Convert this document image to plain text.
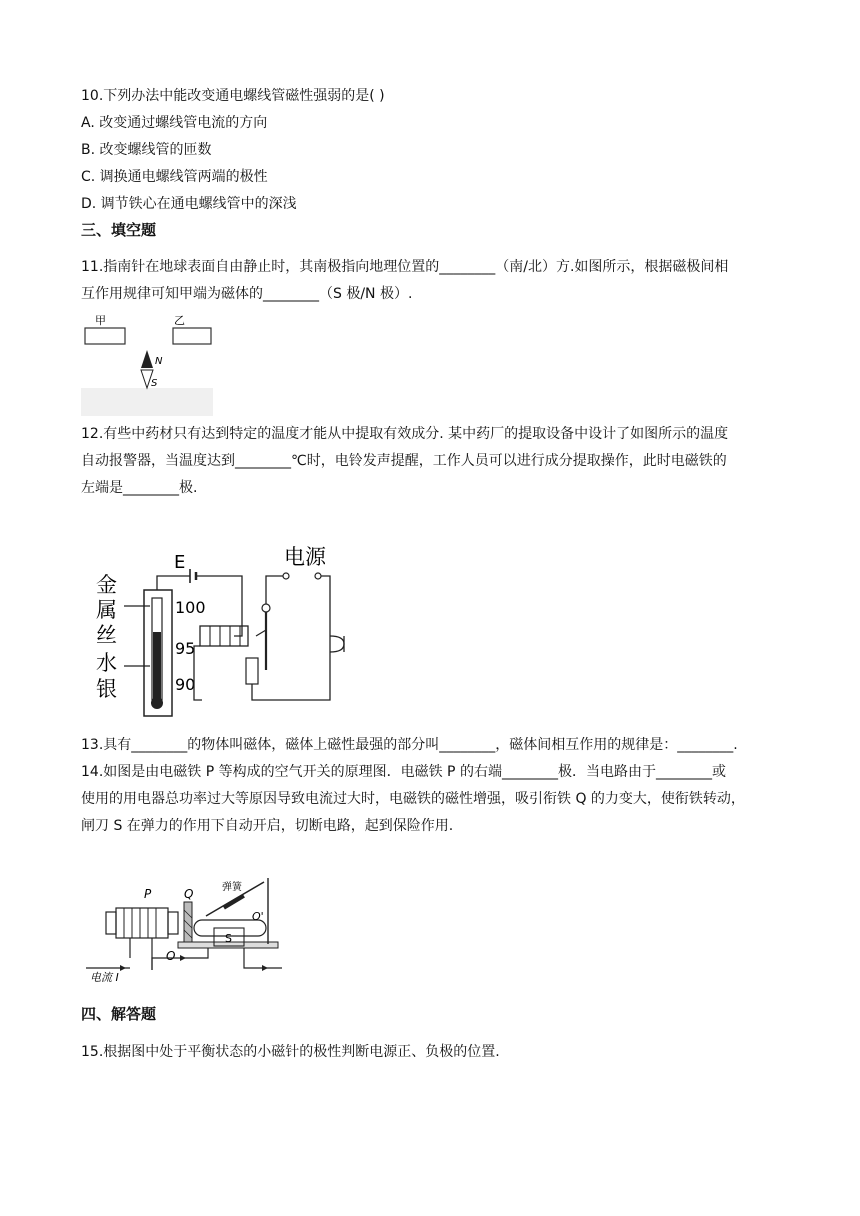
10.下列办法中能改变通电螺线管磁性强弱的是( )
A. 改变通过螺线管电流的方向
B. 改变螺线管的匝数
C. 调换通电螺线管两端的极性
D. 调节铁心在通电螺线管中的深浅
三、填空题
11.指南针在地球表面自由静止时，其南极指向地理位置的________（南/北）方.如图所示，根据磁极间相
互作用规律可知甲端为磁体的________（S 极/N 极）.
甲	乙
N
S
12.有些中药材只有达到特定的温度才能从中提取有效成分. 某中药厂的提取设备中设计了如图所示的温度
自动报警器，当温度达到________℃时，电铃发声提醒，工作人员可以进行成分提取操作，此时电磁铁的
左端是________极.
金
属
丝
水
银
100
95
90
E	电源
13.具有________的物体叫磁体，磁体上磁性最强的部分叫________，磁体间相互作用的规律是：________.
14.如图是由电磁铁 P 等构成的空气开关的原理图．电磁铁 P 的右端________极．当电路由于________或
使用的用电器总功率过大等原因导致电流过大时，电磁铁的磁性增强，吸引衔铁 Q 的力变大，使衔铁转动，
闸刀 S 在弹力的作用下自动开启，切断电路，起到保险作用.
P	Q
S
弹簧
O'
O
电流 I
四、解答题
15.根据图中处于平衡状态的小磁针的极性判断电源正、负极的位置.
